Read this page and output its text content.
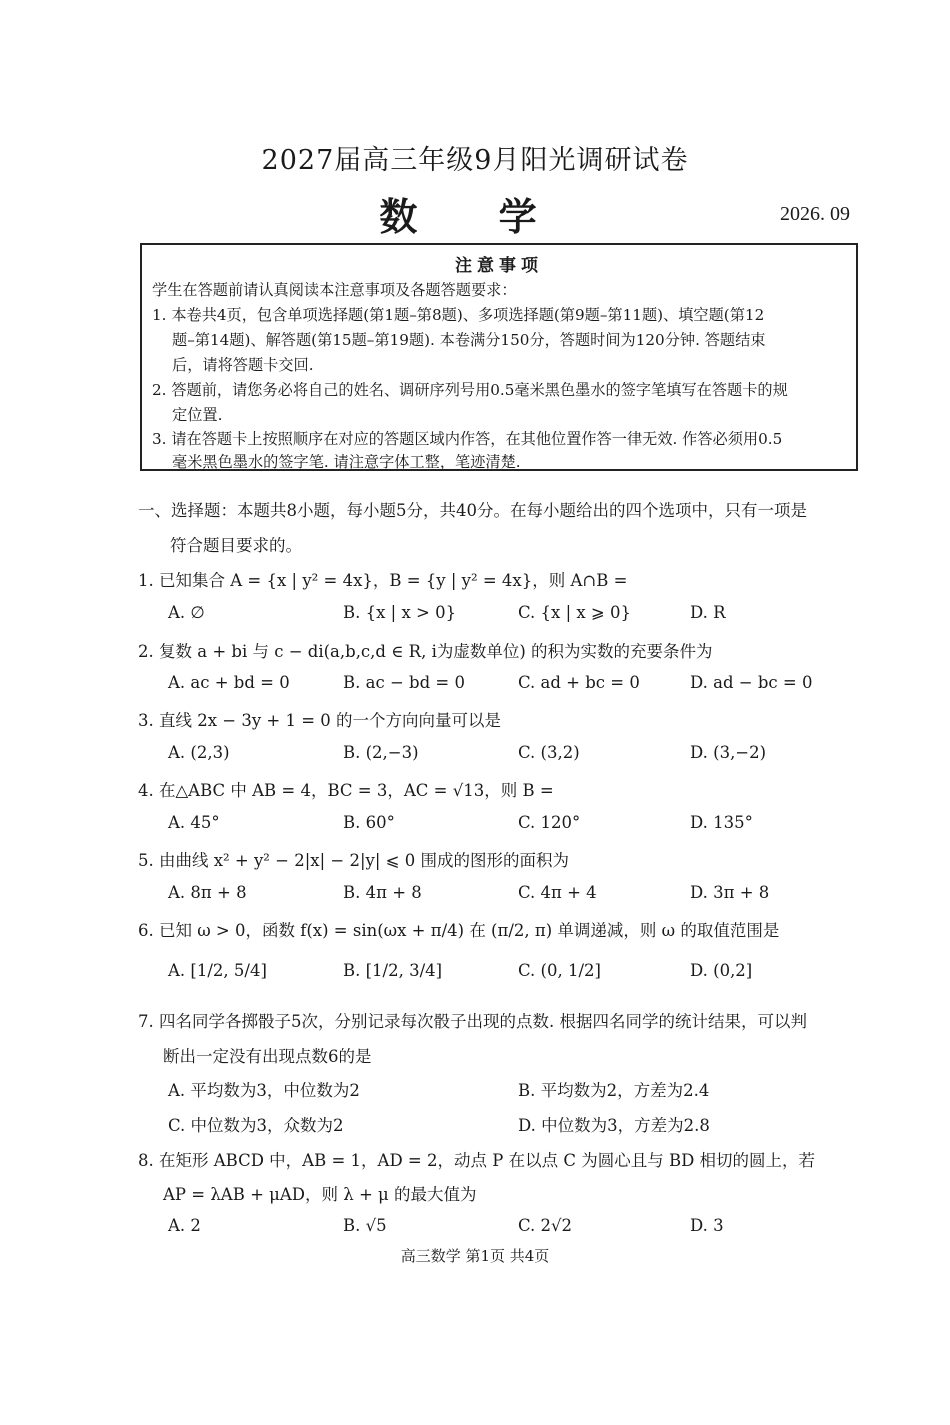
2027届高三年级9月阳光调研试卷
数 学	2026. 09
注意事项
学生在答题前请认真阅读本注意事项及各题答题要求：
1. 本卷共4页，包含单项选择题(第1题–第8题)、多项选择题(第9题–第11题)、填空题(第12
题–第14题)、解答题(第15题–第19题). 本卷满分150分，答题时间为120分钟. 答题结束
后，请将答题卡交回.
2. 答题前，请您务必将自己的姓名、调研序列号用0.5毫米黑色墨水的签字笔填写在答题卡的规
定位置.
3. 请在答题卡上按照顺序在对应的答题区域内作答，在其他位置作答一律无效. 作答必须用0.5
毫米黑色墨水的签字笔. 请注意字体工整，笔迹清楚.
一、选择题：本题共8小题，每小题5分，共40分。在每小题给出的四个选项中，只有一项是
符合题目要求的。
1. 已知集合 A = {x | y² = 4x}，B = {y | y² = 4x}，则 A∩B =
A. ∅	B. {x | x > 0}	C. {x | x ⩾ 0}	D. R
2. 复数 a + bi 与 c − di(a,b,c,d ∈ R, i为虚数单位) 的积为实数的充要条件为
A. ac + bd = 0	B. ac − bd = 0	C. ad + bc = 0	D. ad − bc = 0
3. 直线 2x − 3y + 1 = 0 的一个方向向量可以是
A. (2,3)	B. (2,−3)	C. (3,2)	D. (3,−2)
4. 在△ABC 中 AB = 4，BC = 3，AC = √13，则 B =
A. 45°	B. 60°	C. 120°	D. 135°
5. 由曲线 x² + y² − 2|x| − 2|y| ⩽ 0 围成的图形的面积为
A. 8π + 8	B. 4π + 8	C. 4π + 4	D. 3π + 8
6. 已知 ω > 0，函数 f(x) = sin(ωx + π/4) 在 (π/2, π) 单调递减，则 ω 的取值范围是
A. [1/2, 5/4]	B. [1/2, 3/4]	C. (0, 1/2]	D. (0,2]
7. 四名同学各掷骰子5次，分别记录每次骰子出现的点数. 根据四名同学的统计结果，可以判
断出一定没有出现点数6的是
A. 平均数为3，中位数为2	B. 平均数为2，方差为2.4
C. 中位数为3，众数为2	D. 中位数为3，方差为2.8
8. 在矩形 ABCD 中，AB = 1，AD = 2，动点 P 在以点 C 为圆心且与 BD 相切的圆上，若
AP = λAB + μAD，则 λ + μ 的最大值为
A. 2	B. √5	C. 2√2	D. 3
高三数学 第1页 共4页
